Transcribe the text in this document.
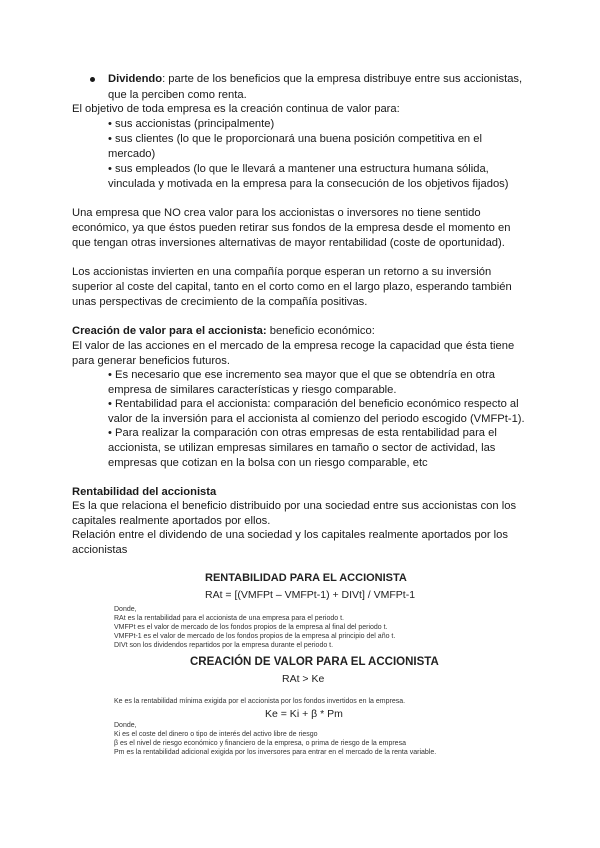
Dividendo: parte de los beneficios que la empresa distribuye entre sus accionistas,
que la perciben como renta.
El objetivo de toda empresa es la creación continua de valor para:
• sus accionistas (principalmente)
• sus clientes (lo que le proporcionará una buena posición competitiva en el
mercado)
• sus empleados (lo que le llevará a mantener una estructura humana sólida,
vinculada y motivada en la empresa para la consecución de los objetivos fijados)
Una empresa que NO crea valor para los accionistas o inversores no tiene sentido
económico, ya que éstos pueden retirar sus fondos de la empresa desde el momento en
que tengan otras inversiones alternativas de mayor rentabilidad (coste de oportunidad).
Los accionistas invierten en una compañía porque esperan un retorno a su inversión
superior al coste del capital, tanto en el corto como en el largo plazo, esperando también
unas perspectivas de crecimiento de la compañía positivas.
Creación de valor para el accionista: beneficio económico:
El valor de las acciones en el mercado de la empresa recoge la capacidad que ésta tiene
para generar beneficios futuros.
• Es necesario que ese incremento sea mayor que el que se obtendría en otra
empresa de similares características y riesgo comparable.
• Rentabilidad para el accionista: comparación del beneficio económico respecto al
valor de la inversión para el accionista al comienzo del periodo escogido (VMFPt-1).
• Para realizar la comparación con otras empresas de esta rentabilidad para el
accionista, se utilizan empresas similares en tamaño o sector de actividad, las
empresas que cotizan en la bolsa con un riesgo comparable, etc
Rentabilidad del accionista
Es la que relaciona el beneficio distribuido por una sociedad entre sus accionistas con los
capitales realmente aportados por ellos.
Relación entre el dividendo de una sociedad y los capitales realmente aportados por los
accionistas
RENTABILIDAD PARA EL ACCIONISTA
RAt = [(VMFPt – VMFPt-1) + DIVt] / VMFPt-1
Donde,
RAt es la rentabilidad para el accionista de una empresa para el periodo t.
VMFPt es el valor de mercado de los fondos propios de la empresa al final del periodo t.
VMFPt-1 es el valor de mercado de los fondos propios de la empresa al principio del año t.
DIVt son los dividendos repartidos por la empresa durante el periodo t.
CREACIÓN DE VALOR PARA EL ACCIONISTA
RAt > Ke
Ke es la rentabilidad mínima exigida por el accionista por los fondos invertidos en la empresa.
Ke = Ki + β * Pm
Donde,
Ki es el coste del dinero o tipo de interés del activo libre de riesgo
β es el nivel de riesgo económico y financiero de la empresa, o prima de riesgo de la empresa
Pm es la rentabilidad adicional exigida por los inversores para entrar en el mercado de la renta variable.
